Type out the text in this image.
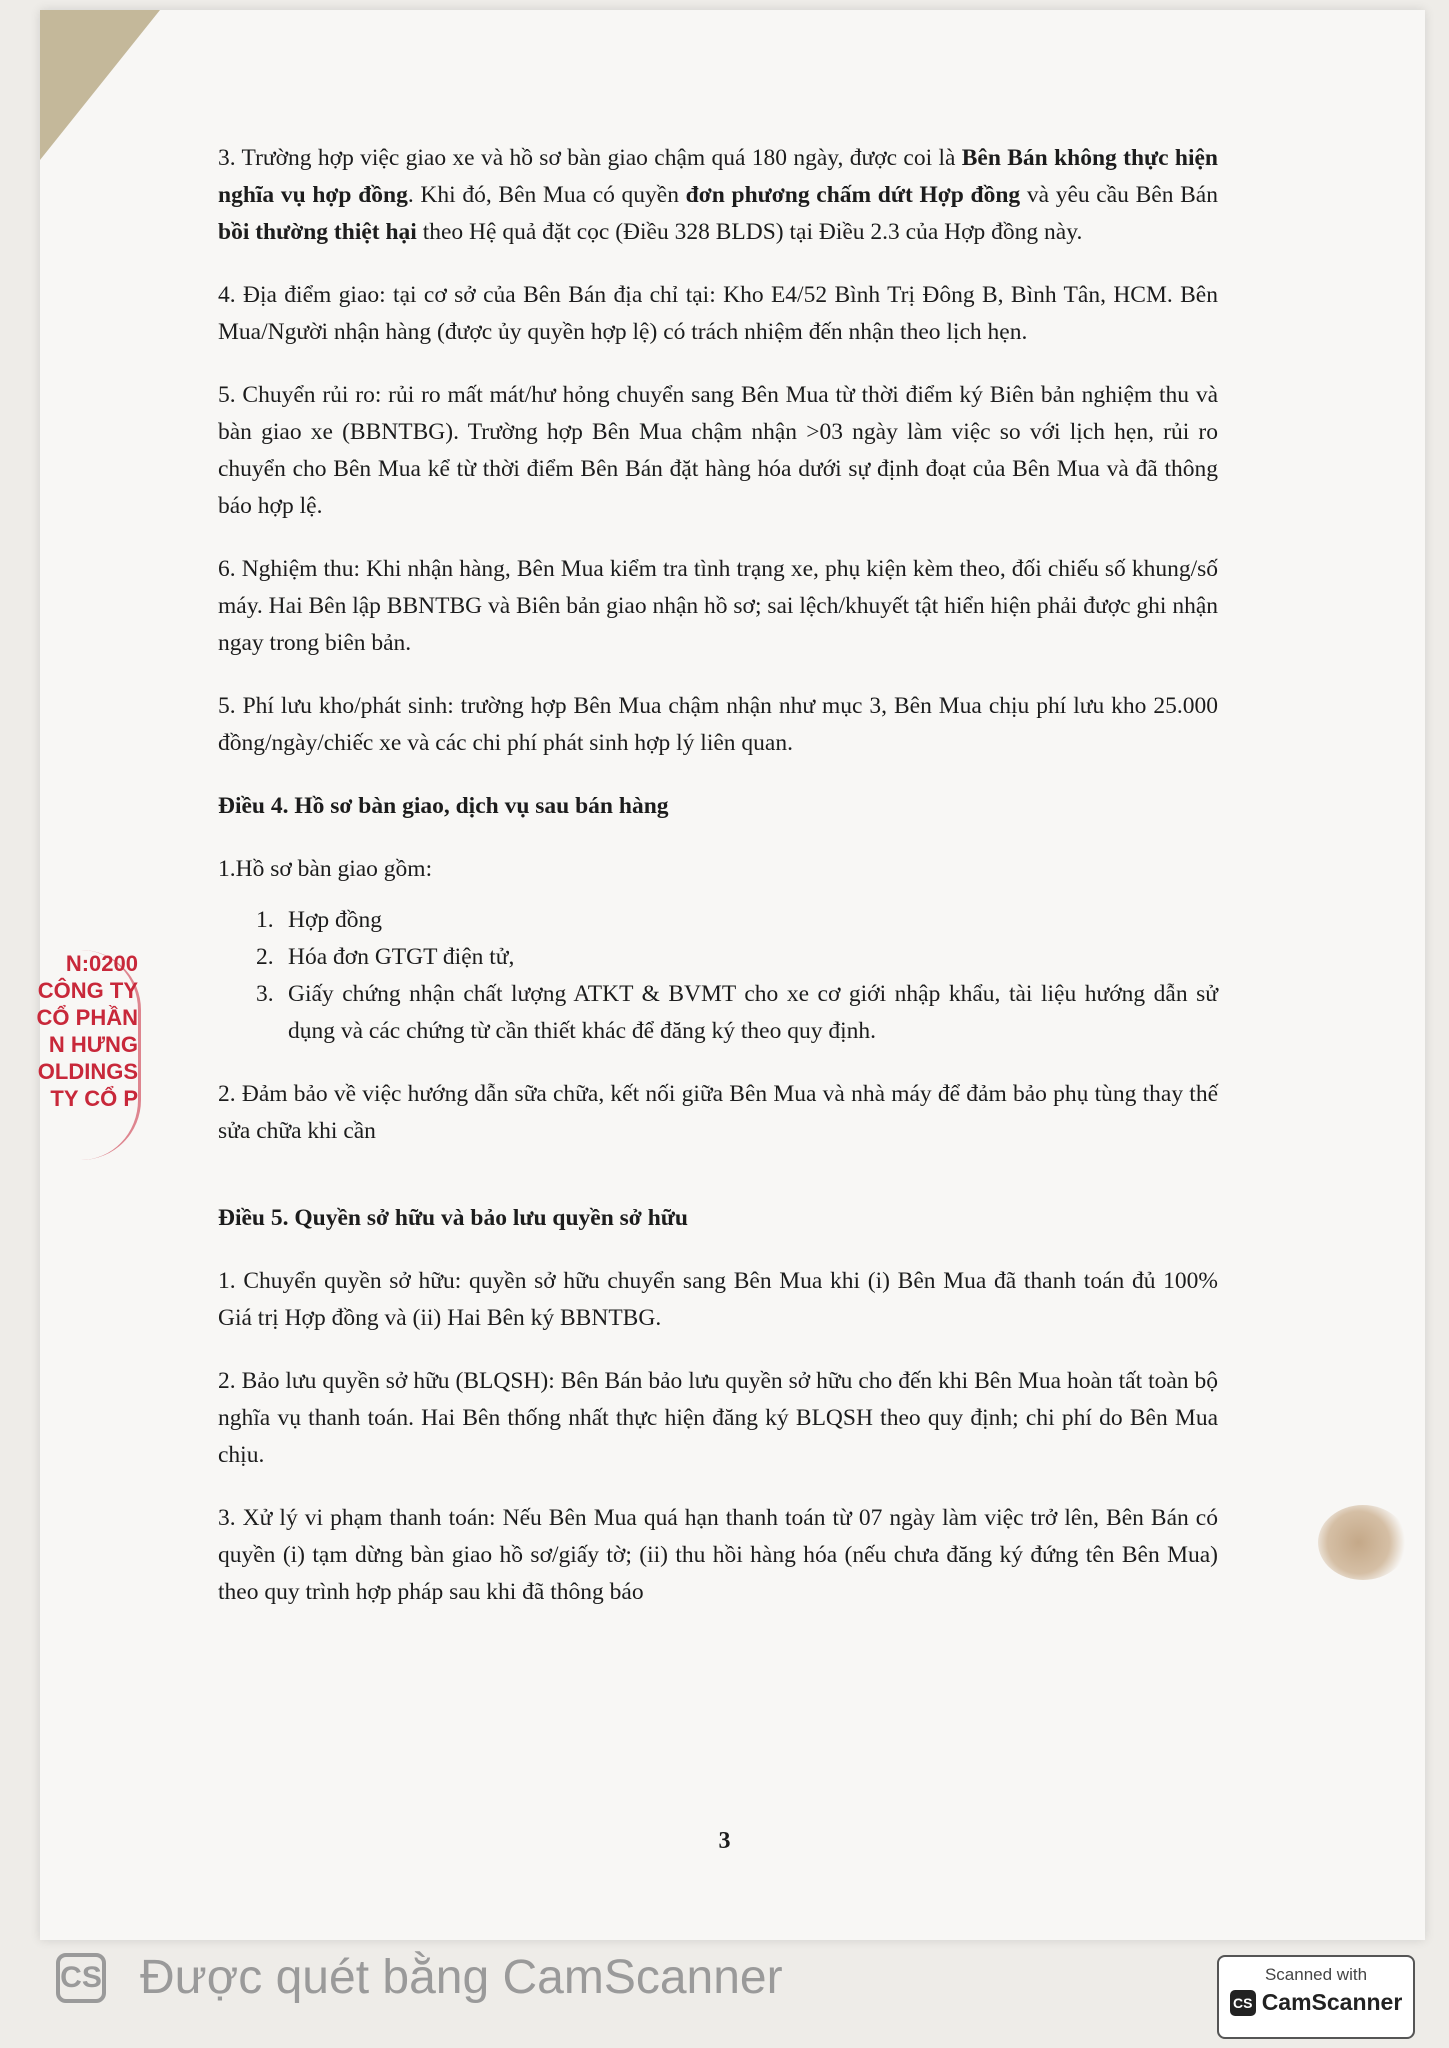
3. Trường hợp việc giao xe và hồ sơ bàn giao chậm quá 180 ngày, được coi là Bên Bán không thực hiện nghĩa vụ hợp đồng. Khi đó, Bên Mua có quyền đơn phương chấm dứt Hợp đồng và yêu cầu Bên Bán bồi thường thiệt hại theo Hệ quả đặt cọc (Điều 328 BLDS) tại Điều 2.3 của Hợp đồng này.

4. Địa điểm giao: tại cơ sở của Bên Bán địa chỉ tại: Kho E4/52 Bình Trị Đông B, Bình Tân, HCM. Bên Mua/Người nhận hàng (được ủy quyền hợp lệ) có trách nhiệm đến nhận theo lịch hẹn.

5. Chuyển rủi ro: rủi ro mất mát/hư hỏng chuyển sang Bên Mua từ thời điểm ký Biên bản nghiệm thu và bàn giao xe (BBNTBG). Trường hợp Bên Mua chậm nhận >03 ngày làm việc so với lịch hẹn, rủi ro chuyển cho Bên Mua kể từ thời điểm Bên Bán đặt hàng hóa dưới sự định đoạt của Bên Mua và đã thông báo hợp lệ.

6. Nghiệm thu: Khi nhận hàng, Bên Mua kiểm tra tình trạng xe, phụ kiện kèm theo, đối chiếu số khung/số máy. Hai Bên lập BBNTBG và Biên bản giao nhận hồ sơ; sai lệch/khuyết tật hiển hiện phải được ghi nhận ngay trong biên bản.

5. Phí lưu kho/phát sinh: trường hợp Bên Mua chậm nhận như mục 3, Bên Mua chịu phí lưu kho 25.000 đồng/ngày/chiếc xe và các chi phí phát sinh hợp lý liên quan.

Điều 4. Hồ sơ bàn giao, dịch vụ sau bán hàng
1.Hồ sơ bàn giao gồm:
1. Hợp đồng
2. Hóa đơn GTGT điện tử,
3. Giấy chứng nhận chất lượng ATKT & BVMT cho xe cơ giới nhập khẩu, tài liệu hướng dẫn sử dụng và các chứng từ cần thiết khác để đăng ký theo quy định.

2. Đảm bảo về việc hướng dẫn sữa chữa, kết nối giữa Bên Mua và nhà máy để đảm bảo phụ tùng thay thế sửa chữa khi cần

Điều 5. Quyền sở hữu và bảo lưu quyền sở hữu

1. Chuyển quyền sở hữu: quyền sở hữu chuyển sang Bên Mua khi (i) Bên Mua đã thanh toán đủ 100% Giá trị Hợp đồng và (ii) Hai Bên ký BBNTBG.

2. Bảo lưu quyền sở hữu (BLQSH): Bên Bán bảo lưu quyền sở hữu cho đến khi Bên Mua hoàn tất toàn bộ nghĩa vụ thanh toán. Hai Bên thống nhất thực hiện đăng ký BLQSH theo quy định; chi phí do Bên Mua chịu.

3. Xử lý vi phạm thanh toán: Nếu Bên Mua quá hạn thanh toán từ 07 ngày làm việc trở lên, Bên Bán có quyền (i) tạm dừng bàn giao hồ sơ/giấy tờ; (ii) thu hồi hàng hóa (nếu chưa đăng ký đứng tên Bên Mua) theo quy trình hợp pháp sau khi đã thông báo

3
N:0200
CÔNG TY
CỔ PHẦN
N HƯNG
OLDINGS
TY CỔ P
CS Được quét bằng CamScanner	Scanned with
CS CamScanner
